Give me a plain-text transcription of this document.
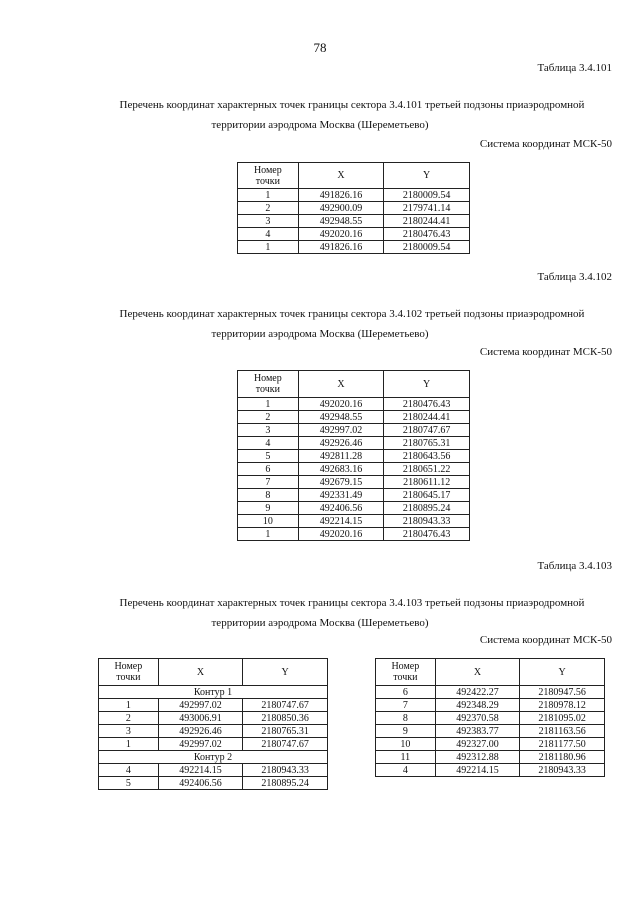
78
Таблица 3.4.101
Перечень координат характерных точек границы сектора 3.4.101 третьей подзоны приаэродромной
территории аэродрома Москва (Шереметьево)
Система координат МСК-50
Номер
точки	X	Y
1	491826.16	2180009.54
2	492900.09	2179741.14
3	492948.55	2180244.41
4	492020.16	2180476.43
1	491826.16	2180009.54
Таблица 3.4.102
Перечень координат характерных точек границы сектора 3.4.102 третьей подзоны приаэродромной
территории аэродрома Москва (Шереметьево)
Система координат МСК-50
Номер
точки	X	Y
1	492020.16	2180476.43
2	492948.55	2180244.41
3	492997.02	2180747.67
4	492926.46	2180765.31
5	492811.28	2180643.56
6	492683.16	2180651.22
7	492679.15	2180611.12
8	492331.49	2180645.17
9	492406.56	2180895.24
10	492214.15	2180943.33
1	492020.16	2180476.43
Таблица 3.4.103
Перечень координат характерных точек границы сектора 3.4.103 третьей подзоны приаэродромной
территории аэродрома Москва (Шереметьево)
Система координат МСК-50
Номер
точки	X	Y
Контур 1		
1	492997.02	2180747.67
2	493006.91	2180850.36
3	492926.46	2180765.31
1	492997.02	2180747.67
Контур 2		
4	492214.15	2180943.33
5	492406.56	2180895.24
Номер
точки	X	Y
6	492422.27	2180947.56
7	492348.29	2180978.12
8	492370.58	2181095.02
9	492383.77	2181163.56
10	492327.00	2181177.50
11	492312.88	2181180.96
4	492214.15	2180943.33
